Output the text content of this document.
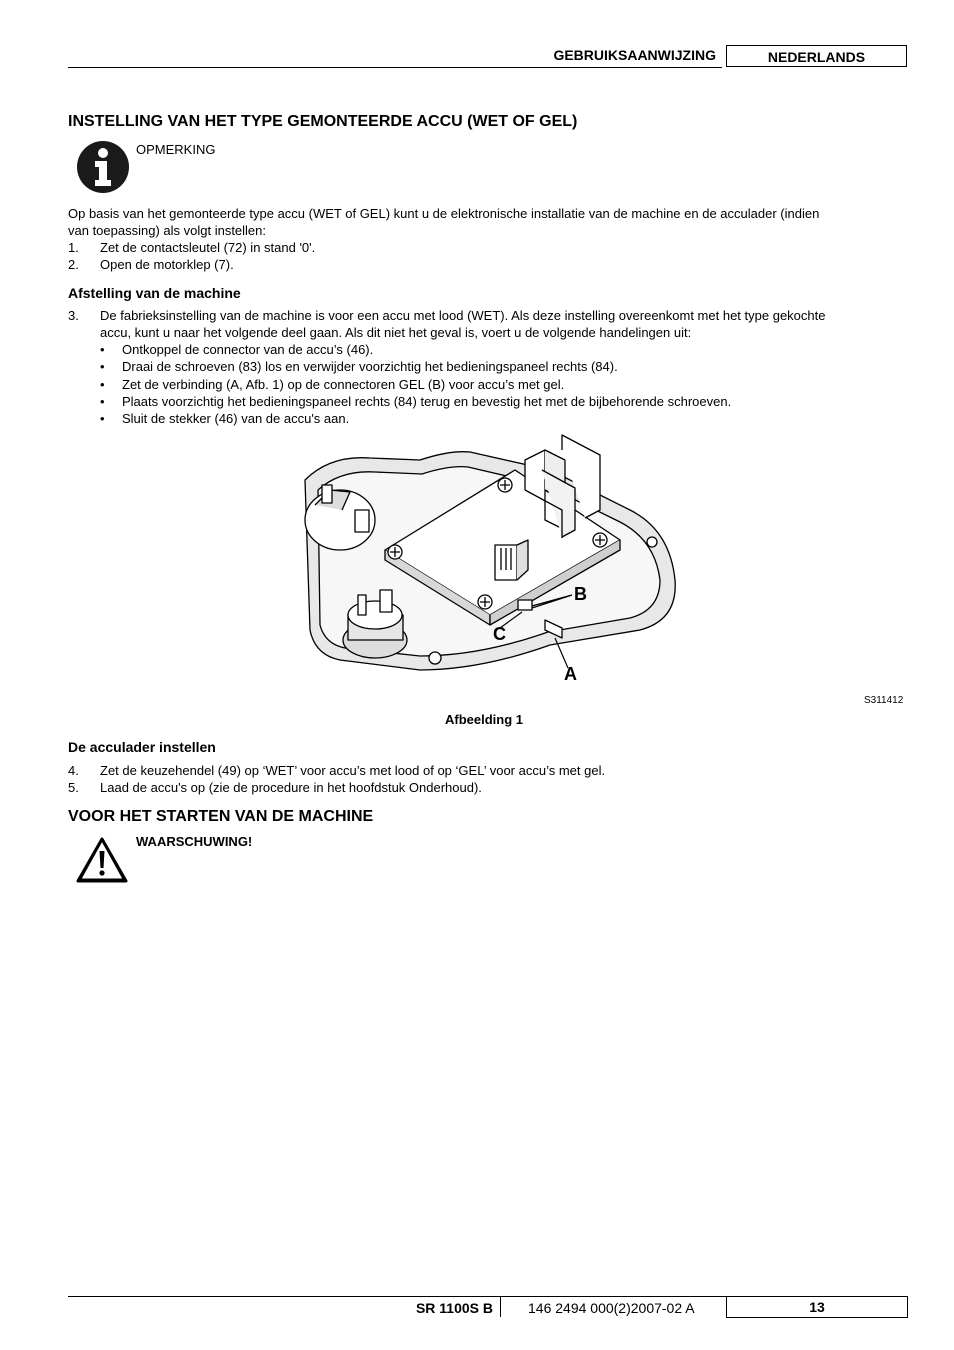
GEBRUIKSAANWIJZING	NEDERLANDS
INSTELLING VAN HET TYPE GEMONTEERDE ACCU (WET OF GEL)
OPMERKING
Op basis van het gemonteerde type accu (WET of GEL) kunt u de elektronische installatie van de machine en de acculader (indien
van toepassing) als volgt instellen:
1. Zet de contactsleutel (72) in stand '0'.
2. Open de motorklep (7).
Afstelling van de machine
3. De fabrieksinstelling van de machine is voor een accu met lood (WET). Als deze instelling overeenkomt met het type gekochte
accu, kunt u naar het volgende deel gaan. Als dit niet het geval is, voert u de volgende handelingen uit:
• Ontkoppel de connector van de accu’s (46).
• Draai de schroeven (83) los en verwijder voorzichtig het bedieningspaneel rechts (84).
• Zet de verbinding (A, Afb. 1) op de connectoren GEL (B) voor accu’s met gel.
• Plaats voorzichtig het bedieningspaneel rechts (84) terug en bevestig het met de bijbehorende schroeven.
• Sluit de stekker (46) van de accu's aan.
B
C
A
S311412
Afbeelding 1
De acculader instellen
4. Zet de keuzehendel (49) op ‘WET’ voor accu’s met lood of op ‘GEL’ voor accu’s met gel.
5. Laad de accu's op (zie de procedure in het hoofdstuk Onderhoud).
VOOR HET STARTEN VAN DE MACHINE
WAARSCHUWING!
SR 1100S B	146 2494 000(2)2007-02 A	13
